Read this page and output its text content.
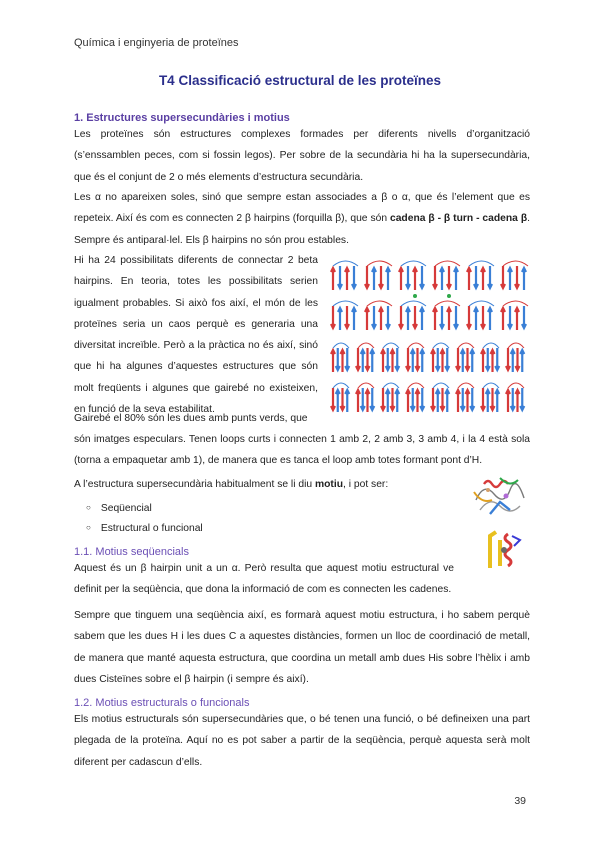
Química i enginyeria de proteïnes
T4 Classificació estructural de les proteïnes
1. Estructures supersecundàries i motius
Les proteïnes són estructures complexes formades per diferents nivells d’organització (s’enssamblen peces, com si fossin legos). Per sobre de la secundària hi ha la supersecundària, que és el conjunt de 2 o més elements d’estructura secundària.
Les α no apareixen soles, sinó que sempre estan associades a β o α, que és l’element que es repeteix. Així és com es connecten 2 β hairpins (forquilla β), que són cadena β - β turn - cadena β. Sempre és antiparal·lel. Els β hairpins no són prou estables.
Hi ha 24 possibilitats diferents de connectar 2 beta hairpins. En teoria, totes les possibilitats serien igualment probables. Si això fos així, el món de les proteïnes seria un caos perquè es generaria una diversitat increïble. Però a la pràctica no és així, sinó que hi ha algunes d’aquestes estructures que són molt freqüents i algunes que gairebé no existeixen, en funció de la seva estabilitat.
Gairebé el 80% són les dues amb punts verds, que
són imatges especulars. Tenen loops curts i connecten 1 amb 2, 2 amb 3, 3 amb 4, i la 4 està sola (torna a empaquetar amb 1), de manera que es tanca el loop amb totes formant pont d’H.
A l’estructura supersecundària habitualment se li diu motiu, i pot ser:
○ Seqüencial
○ Estructural o funcional
1.1. Motius seqüencials
Aquest és un β hairpin unit a un α. Però resulta que aquest motiu estructural ve definit per la seqüència, que dona la informació de com es connecten les cadenes.
Sempre que tinguem una seqüència així, es formarà aquest motiu estructura, i ho sabem perquè sabem que les dues H i les dues C a aquestes distàncies, formen un lloc de coordinació de metall, de manera que manté aquesta estructura, que coordina un metall amb dues His sobre l’hèlix i amb dues Cisteïnes sobre el β hairpin (i sempre és així).
1.2. Motius estructurals o funcionals
Els motius estructurals són supersecundàries que, o bé tenen una funció, o bé defineixen una part plegada de la proteïna. Aquí no es pot saber a partir de la seqüència, perquè aquesta serà molt diferent per cadascun d’ells.
39
